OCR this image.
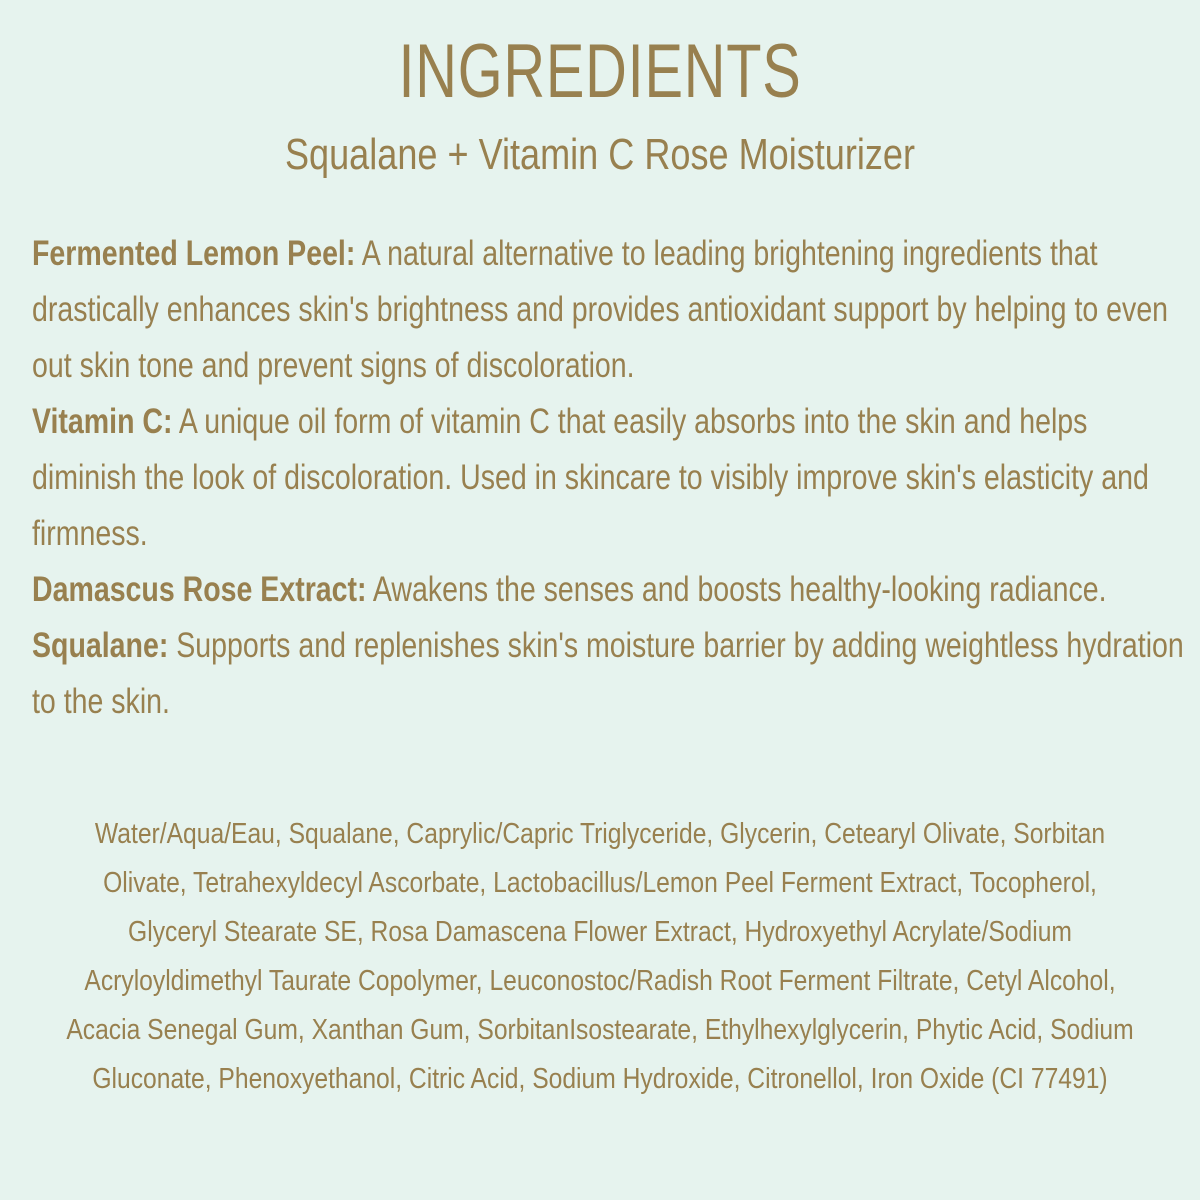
INGREDIENTS
Squalane + Vitamin C Rose Moisturizer

Fermented Lemon Peel: A natural alternative to leading brightening ingredients that drastically enhances skin's brightness and provides antioxidant support by helping to even out skin tone and prevent signs of discoloration.

Vitamin C: A unique oil form of vitamin C that easily absorbs into the skin and helps diminish the look of discoloration. Used in skincare to visibly improve skin's elasticity and firmness.

Damascus Rose Extract: Awakens the senses and boosts healthy-looking radiance.

Squalane: Supports and replenishes skin's moisture barrier by adding weightless hydration to the skin.

Water/Aqua/Eau, Squalane, Caprylic/Capric Triglyceride, Glycerin, Cetearyl Olivate, Sorbitan Olivate, Tetrahexyldecyl Ascorbate, Lactobacillus/Lemon Peel Ferment Extract, Tocopherol, Glyceryl Stearate SE, Rosa Damascena Flower Extract, Hydroxyethyl Acrylate/Sodium Acryloyldimethyl Taurate Copolymer, Leuconostoc/Radish Root Ferment Filtrate, Cetyl Alcohol, Acacia Senegal Gum, Xanthan Gum, SorbitanIsostearate, Ethylhexylglycerin, Phytic Acid, Sodium Gluconate, Phenoxyethanol, Citric Acid, Sodium Hydroxide, Citronellol, Iron Oxide (CI 77491)
